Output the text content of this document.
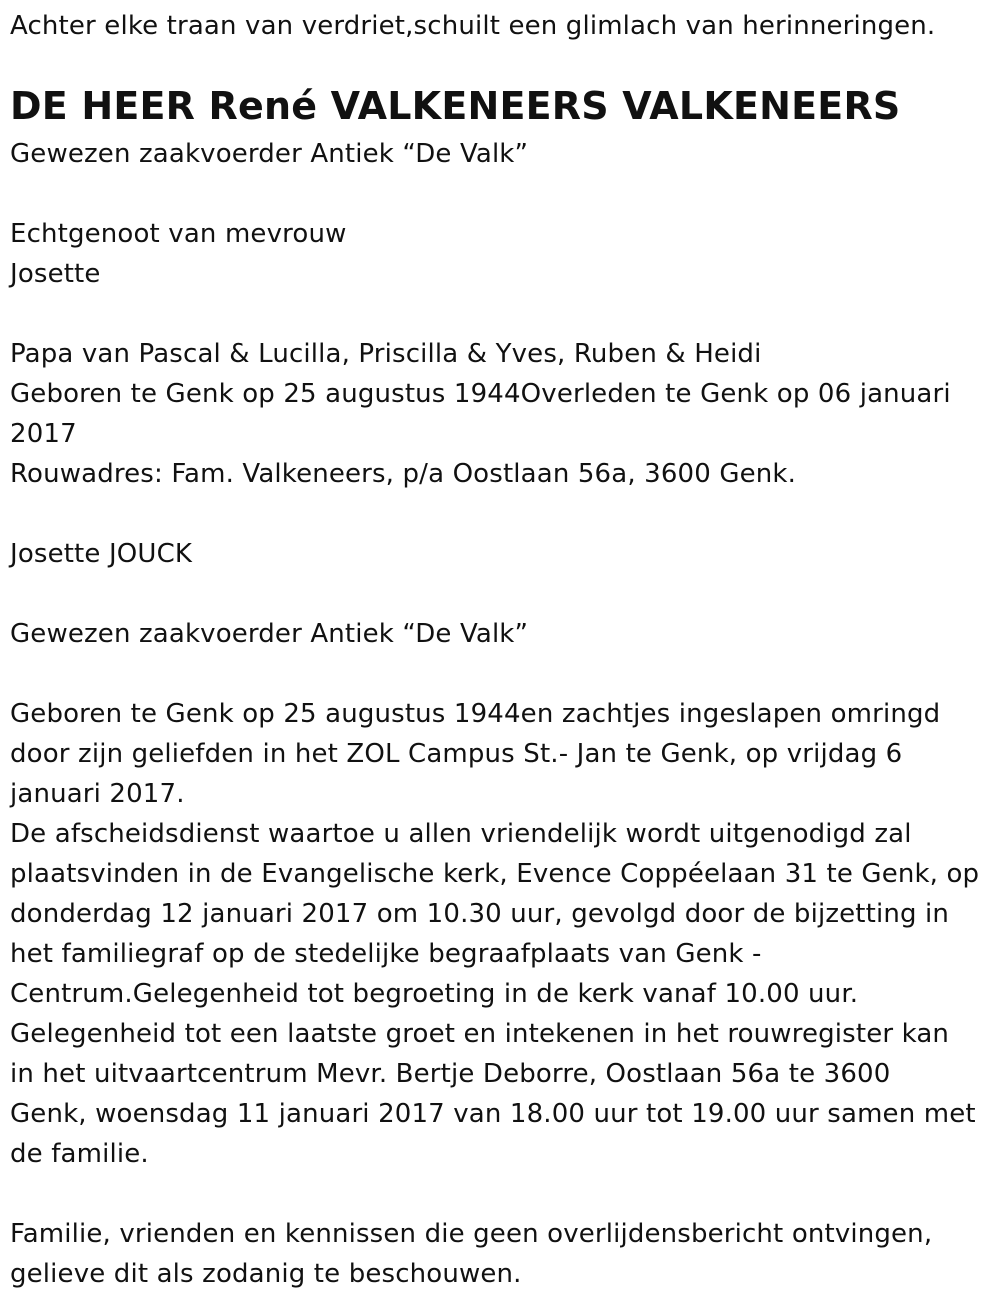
Achter elke traan van verdriet,schuilt een glimlach van herinneringen.
DE HEER René VALKENEERS VALKENEERS
Gewezen zaakvoerder Antiek “De Valk”
Echtgenoot van mevrouw
Josette
Papa van Pascal & Lucilla, Priscilla & Yves, Ruben & Heidi
Geboren te Genk op 25 augustus 1944Overleden te Genk op 06 januari
2017
Rouwadres: Fam. Valkeneers, p/a Oostlaan 56a, 3600 Genk.
Josette JOUCK
Gewezen zaakvoerder Antiek “De Valk”
Geboren te Genk op 25 augustus 1944en zachtjes ingeslapen omringd
door zijn geliefden in het ZOL Campus St.- Jan te Genk, op vrijdag 6
januari 2017.
De afscheidsdienst waartoe u allen vriendelijk wordt uitgenodigd zal
plaatsvinden in de Evangelische kerk, Evence Coppéelaan 31 te Genk, op
donderdag 12 januari 2017 om 10.30 uur, gevolgd door de bijzetting in
het familiegraf op de stedelijke begraafplaats van Genk -
Centrum.Gelegenheid tot begroeting in de kerk vanaf 10.00 uur.
Gelegenheid tot een laatste groet en intekenen in het rouwregister kan
in het uitvaartcentrum Mevr. Bertje Deborre, Oostlaan 56a te 3600
Genk, woensdag 11 januari 2017 van 18.00 uur tot 19.00 uur samen met
de familie.
Familie, vrienden en kennissen die geen overlijdensbericht ontvingen,
gelieve dit als zodanig te beschouwen.
